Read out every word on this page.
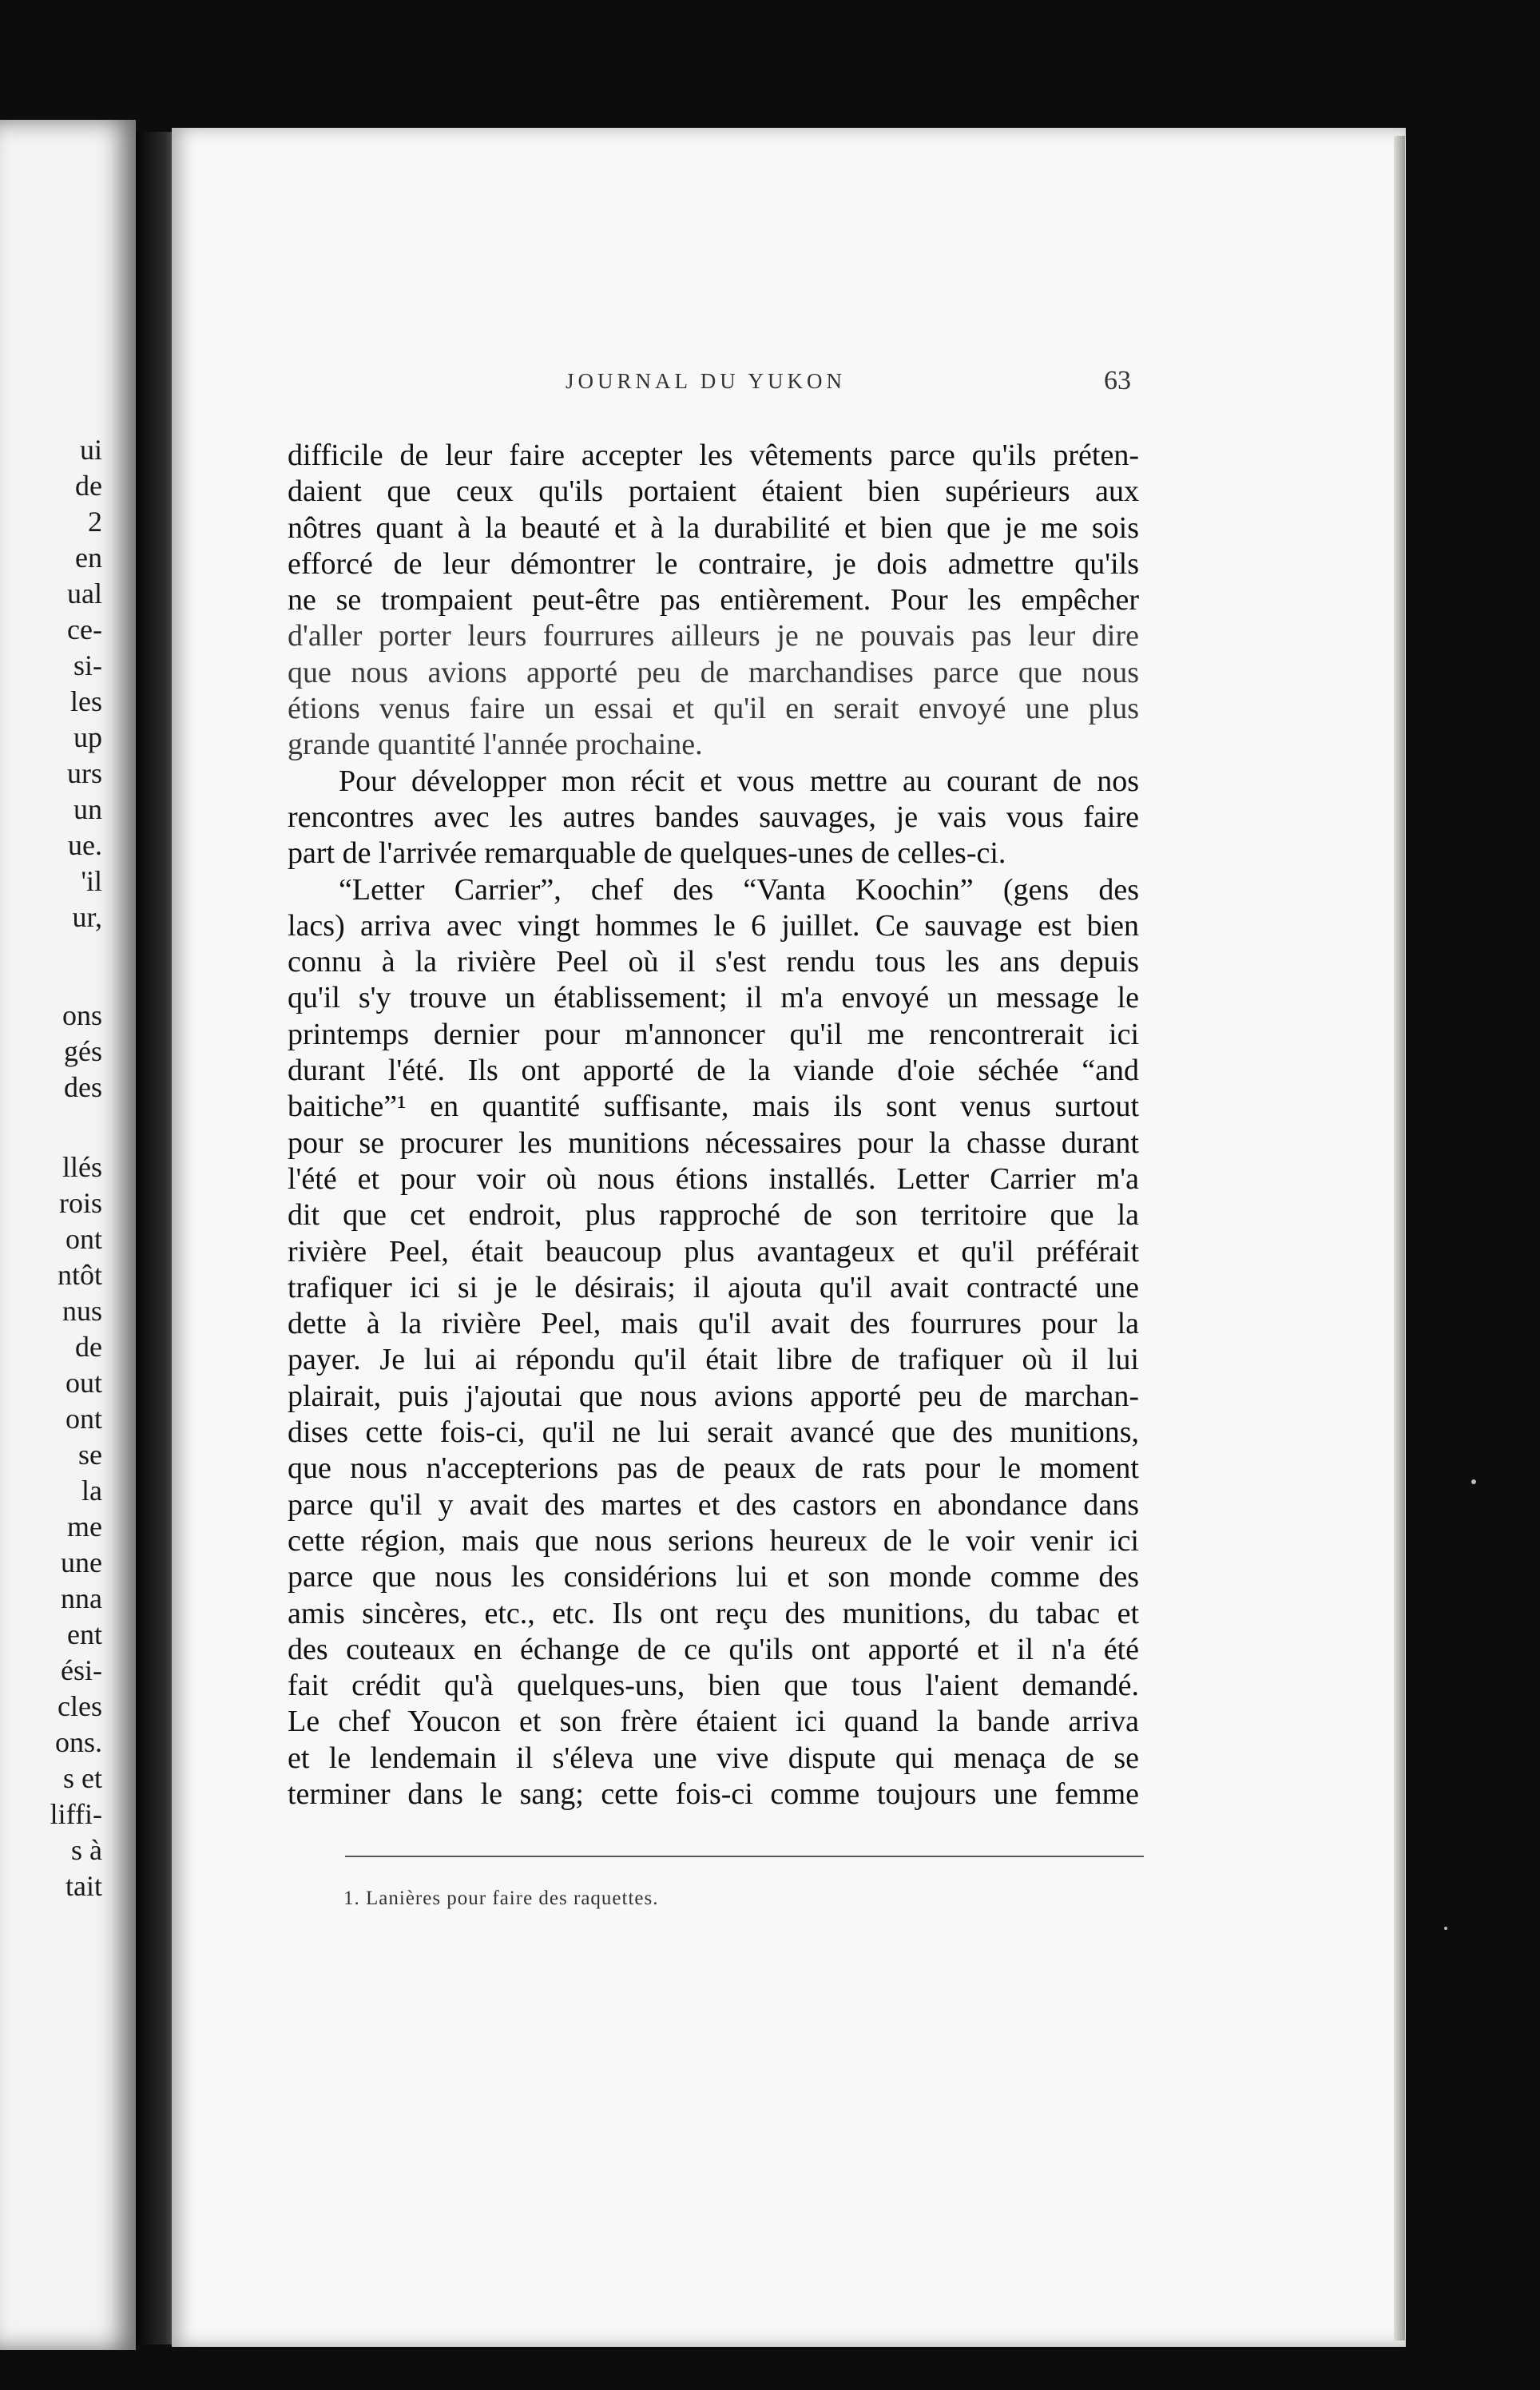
ui
de
2
en
ual
ce-
si-
les
up
urs
un
ue.
'il
ur,
ons
gés
des
llés
rois
ont
ntôt
nus
de
out
ont
se
la
me
une
nna
ent
ési-
cles
ons.
s et
liffi-
s à
tait
JOURNAL DU YUKON	63
difficile de leur faire accepter les vêtements parce qu'ils préten-
daient que ceux qu'ils portaient étaient bien supérieurs aux
nôtres quant à la beauté et à la durabilité et bien que je me sois
efforcé de leur démontrer le contraire, je dois admettre qu'ils
ne se trompaient peut-être pas entièrement. Pour les empêcher
d'aller porter leurs fourrures ailleurs je ne pouvais pas leur dire
que nous avions apporté peu de marchandises parce que nous
étions venus faire un essai et qu'il en serait envoyé une plus
grande quantité l'année prochaine.
Pour développer mon récit et vous mettre au courant de nos
rencontres avec les autres bandes sauvages, je vais vous faire
part de l'arrivée remarquable de quelques-unes de celles-ci.
“Letter Carrier”, chef des “Vanta Koochin” (gens des
lacs) arriva avec vingt hommes le 6 juillet. Ce sauvage est bien
connu à la rivière Peel où il s'est rendu tous les ans depuis
qu'il s'y trouve un établissement; il m'a envoyé un message le
printemps dernier pour m'annoncer qu'il me rencontrerait ici
durant l'été. Ils ont apporté de la viande d'oie séchée “and
baitiche”¹ en quantité suffisante, mais ils sont venus surtout
pour se procurer les munitions nécessaires pour la chasse durant
l'été et pour voir où nous étions installés. Letter Carrier m'a
dit que cet endroit, plus rapproché de son territoire que la
rivière Peel, était beaucoup plus avantageux et qu'il préférait
trafiquer ici si je le désirais; il ajouta qu'il avait contracté une
dette à la rivière Peel, mais qu'il avait des fourrures pour la
payer. Je lui ai répondu qu'il était libre de trafiquer où il lui
plairait, puis j'ajoutai que nous avions apporté peu de marchan-
dises cette fois-ci, qu'il ne lui serait avancé que des munitions,
que nous n'accepterions pas de peaux de rats pour le moment
parce qu'il y avait des martes et des castors en abondance dans
cette région, mais que nous serions heureux de le voir venir ici
parce que nous les considérions lui et son monde comme des
amis sincères, etc., etc. Ils ont reçu des munitions, du tabac et
des couteaux en échange de ce qu'ils ont apporté et il n'a été
fait crédit qu'à quelques-uns, bien que tous l'aient demandé.
Le chef Youcon et son frère étaient ici quand la bande arriva
et le lendemain il s'éleva une vive dispute qui menaça de se
terminer dans le sang; cette fois-ci comme toujours une femme
1. Lanières pour faire des raquettes.
